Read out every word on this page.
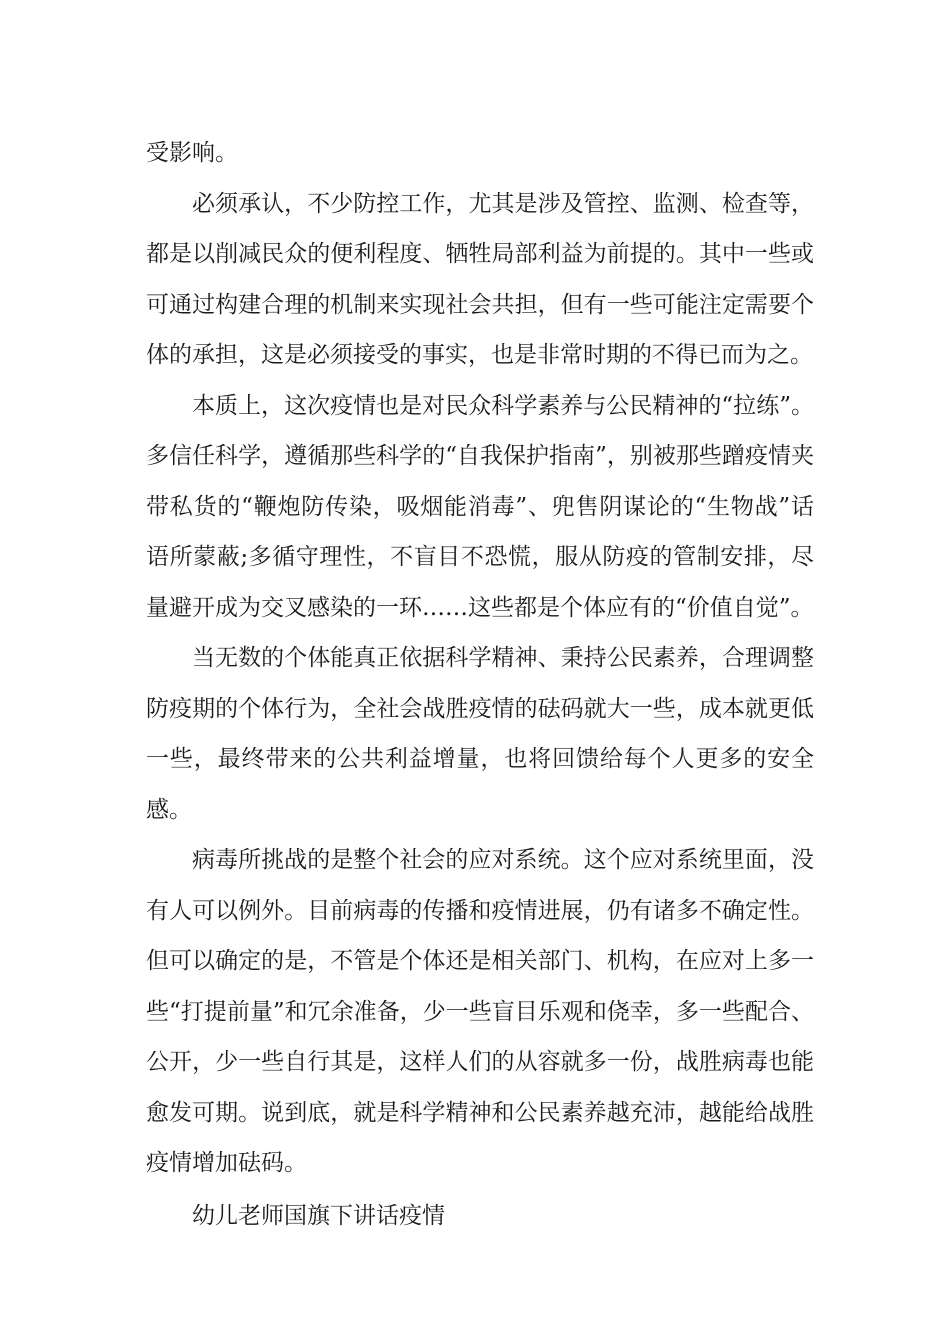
受影响。

必须承认，不少防控工作，尤其是涉及管控、监测、检查等，都是以削减民众的便利程度、牺牲局部利益为前提的。其中一些或可通过构建合理的机制来实现社会共担，但有一些可能注定需要个体的承担，这是必须接受的事实，也是非常时期的不得已而为之。

本质上，这次疫情也是对民众科学素养与公民精神的“拉练”。多信任科学，遵循那些科学的“自我保护指南”，别被那些蹭疫情夹带私货的“鞭炮防传染，吸烟能消毒”、兜售阴谋论的“生物战”话语所蒙蔽;多循守理性，不盲目不恐慌，服从防疫的管制安排，尽量避开成为交叉感染的一环……这些都是个体应有的“价值自觉”。

当无数的个体能真正依据科学精神、秉持公民素养，合理调整防疫期的个体行为，全社会战胜疫情的砝码就大一些，成本就更低一些，最终带来的公共利益增量，也将回馈给每个人更多的安全感。

病毒所挑战的是整个社会的应对系统。这个应对系统里面，没有人可以例外。目前病毒的传播和疫情进展，仍有诸多不确定性。但可以确定的是，不管是个体还是相关部门、机构，在应对上多一些“打提前量”和冗余准备，少一些盲目乐观和侥幸，多一些配合、公开，少一些自行其是，这样人们的从容就多一份，战胜病毒也能愈发可期。说到底，就是科学精神和公民素养越充沛，越能给战胜疫情增加砝码。

幼儿老师国旗下讲话疫情
